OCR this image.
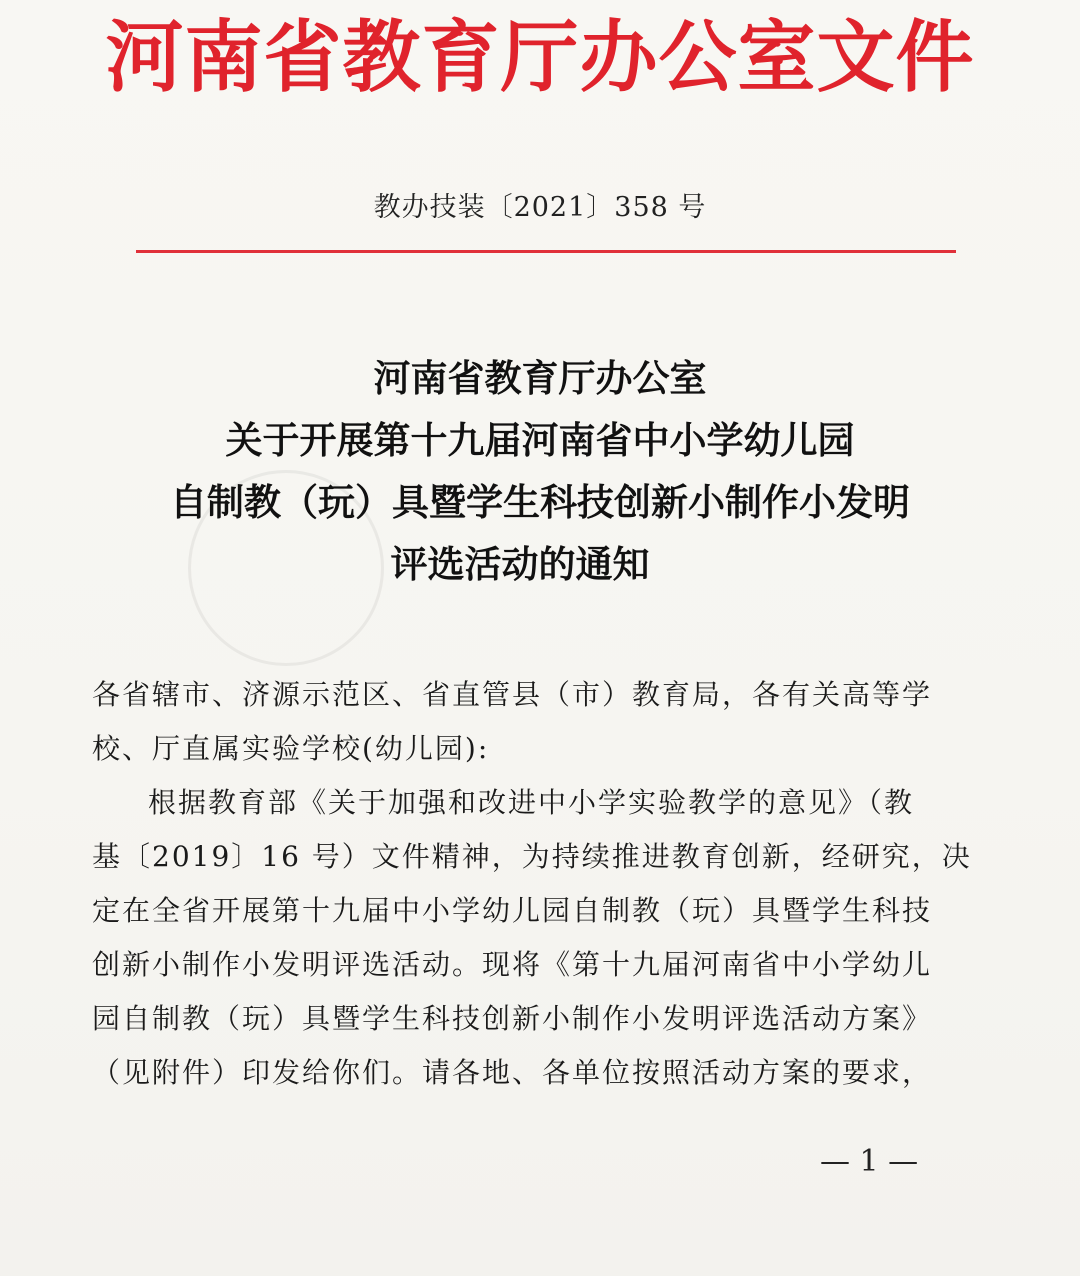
河南省教育厅办公室文件
教办技装〔2021〕358 号
河南省教育厅办公室
关于开展第十九届河南省中小学幼儿园
自制教（玩）具暨学生科技创新小制作小发明
评选活动的通知
各省辖市、济源示范区、省直管县（市）教育局，各有关高等学
校、厅直属实验学校(幼儿园):
根据教育部《关于加强和改进中小学实验教学的意见》（教
基〔2019〕16 号）文件精神，为持续推进教育创新，经研究，决
定在全省开展第十九届中小学幼儿园自制教（玩）具暨学生科技
创新小制作小发明评选活动。现将《第十九届河南省中小学幼儿
园自制教（玩）具暨学生科技创新小制作小发明评选活动方案》
（见附件）印发给你们。请各地、各单位按照活动方案的要求，
— 1 —
